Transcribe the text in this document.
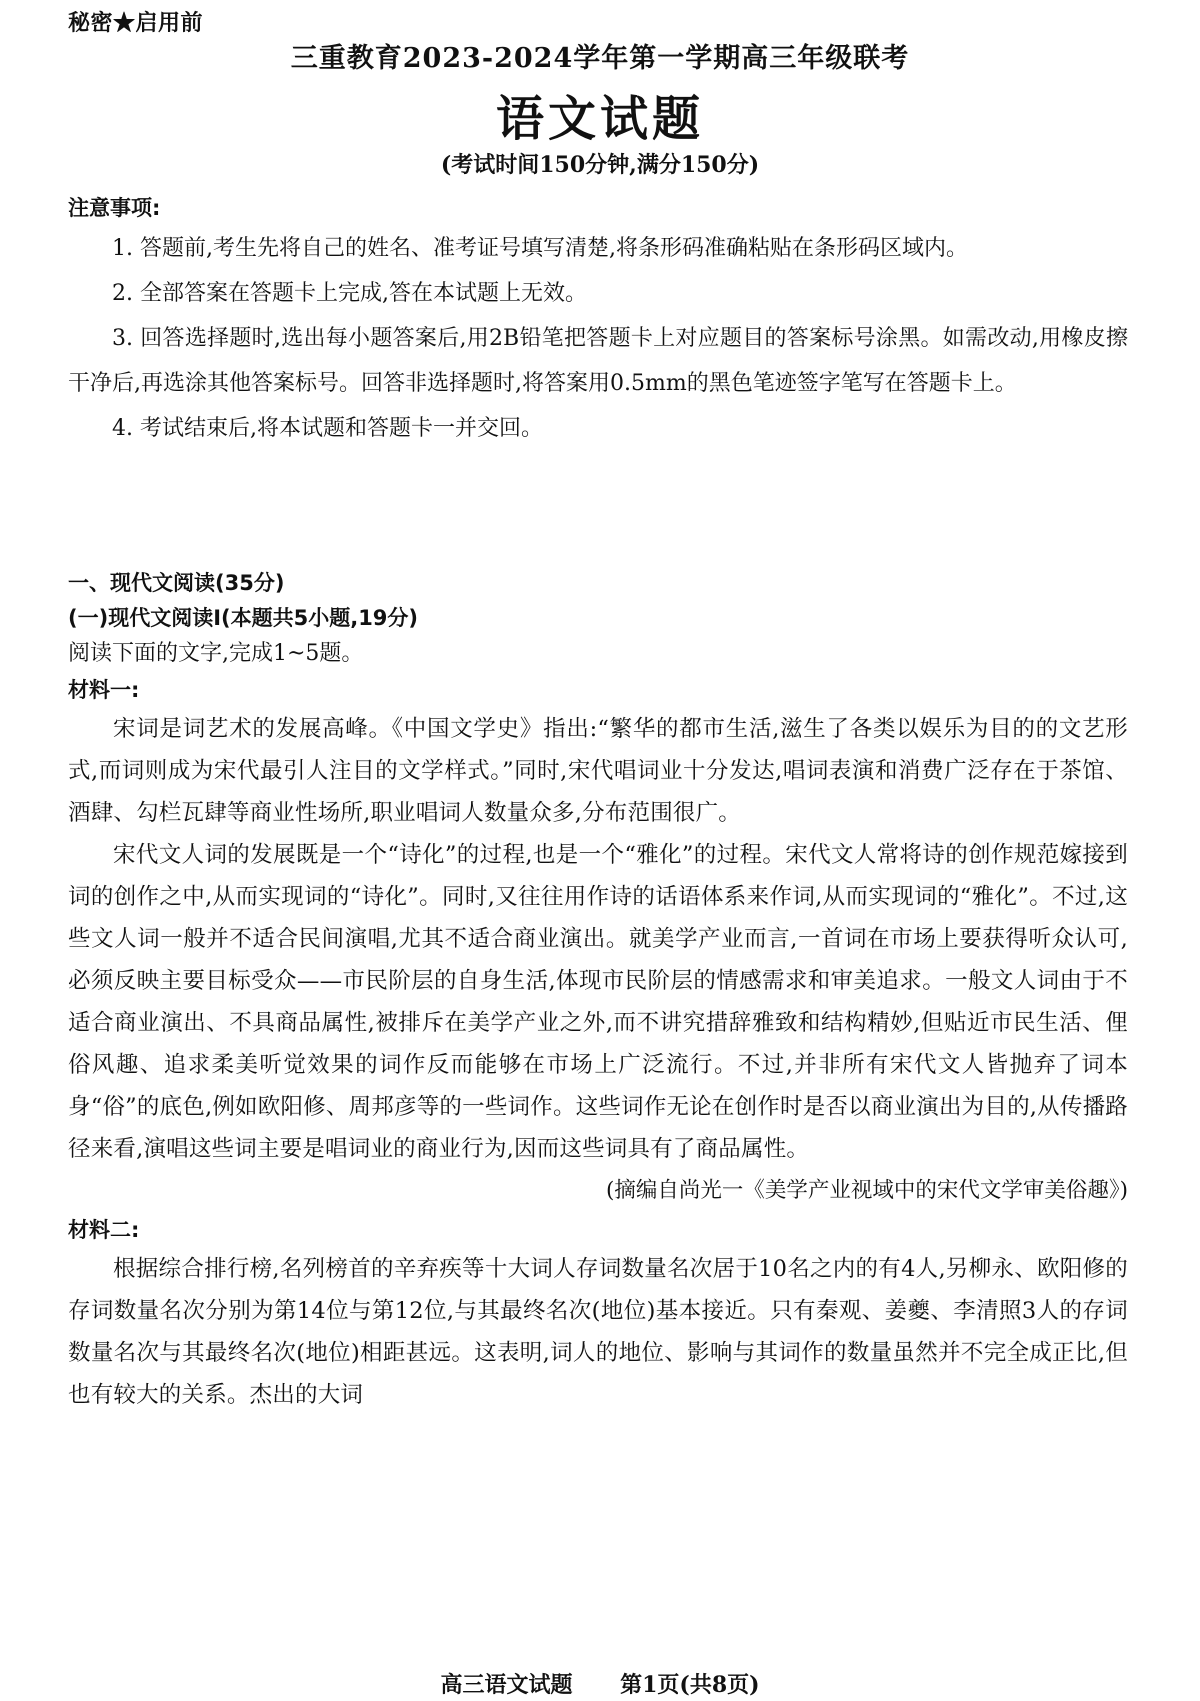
秘密★启用前
三重教育2023-2024学年第一学期高三年级联考
语文试题
(考试时间150分钟,满分150分)
注意事项:
1. 答题前,考生先将自己的姓名、准考证号填写清楚,将条形码准确粘贴在条形码区域内。
2. 全部答案在答题卡上完成,答在本试题上无效。
3. 回答选择题时,选出每小题答案后,用2B铅笔把答题卡上对应题目的答案标号涂黑。如需改动,用橡皮擦干净后,再选涂其他答案标号。回答非选择题时,将答案用0.5mm的黑色笔迹签字笔写在答题卡上。
4. 考试结束后,将本试题和答题卡一并交回。
一、现代文阅读(35分)
(一)现代文阅读Ⅰ(本题共5小题,19分)
阅读下面的文字,完成1~5题。
材料一:

宋词是词艺术的发展高峰。《中国文学史》指出:“繁华的都市生活,滋生了各类以娱乐为目的的文艺形式,而词则成为宋代最引人注目的文学样式。”同时,宋代唱词业十分发达,唱词表演和消费广泛存在于茶馆、酒肆、勾栏瓦肆等商业性场所,职业唱词人数量众多,分布范围很广。

宋代文人词的发展既是一个“诗化”的过程,也是一个“雅化”的过程。宋代文人常将诗的创作规范嫁接到词的创作之中,从而实现词的“诗化”。同时,又往往用作诗的话语体系来作词,从而实现词的“雅化”。不过,这些文人词一般并不适合民间演唱,尤其不适合商业演出。就美学产业而言,一首词在市场上要获得听众认可,必须反映主要目标受众——市民阶层的自身生活,体现市民阶层的情感需求和审美追求。一般文人词由于不适合商业演出、不具商品属性,被排斥在美学产业之外,而不讲究措辞雅致和结构精妙,但贴近市民生活、俚俗风趣、追求柔美听觉效果的词作反而能够在市场上广泛流行。不过,并非所有宋代文人皆抛弃了词本身“俗”的底色,例如欧阳修、周邦彦等的一些词作。这些词作无论在创作时是否以商业演出为目的,从传播路径来看,演唱这些词主要是唱词业的商业行为,因而这些词具有了商品属性。

(摘编自尚光一《美学产业视域中的宋代文学审美俗趣》)

材料二:

根据综合排行榜,名列榜首的辛弃疾等十大词人存词数量名次居于10名之内的有4人,另柳永、欧阳修的存词数量名次分别为第14位与第12位,与其最终名次(地位)基本接近。只有秦观、姜夔、李清照3人的存词数量名次与其最终名次(地位)相距甚远。这表明,词人的地位、影响与其词作的数量虽然并不完全成正比,但也有较大的关系。杰出的大词

高三语文试题 第1页(共8页)
